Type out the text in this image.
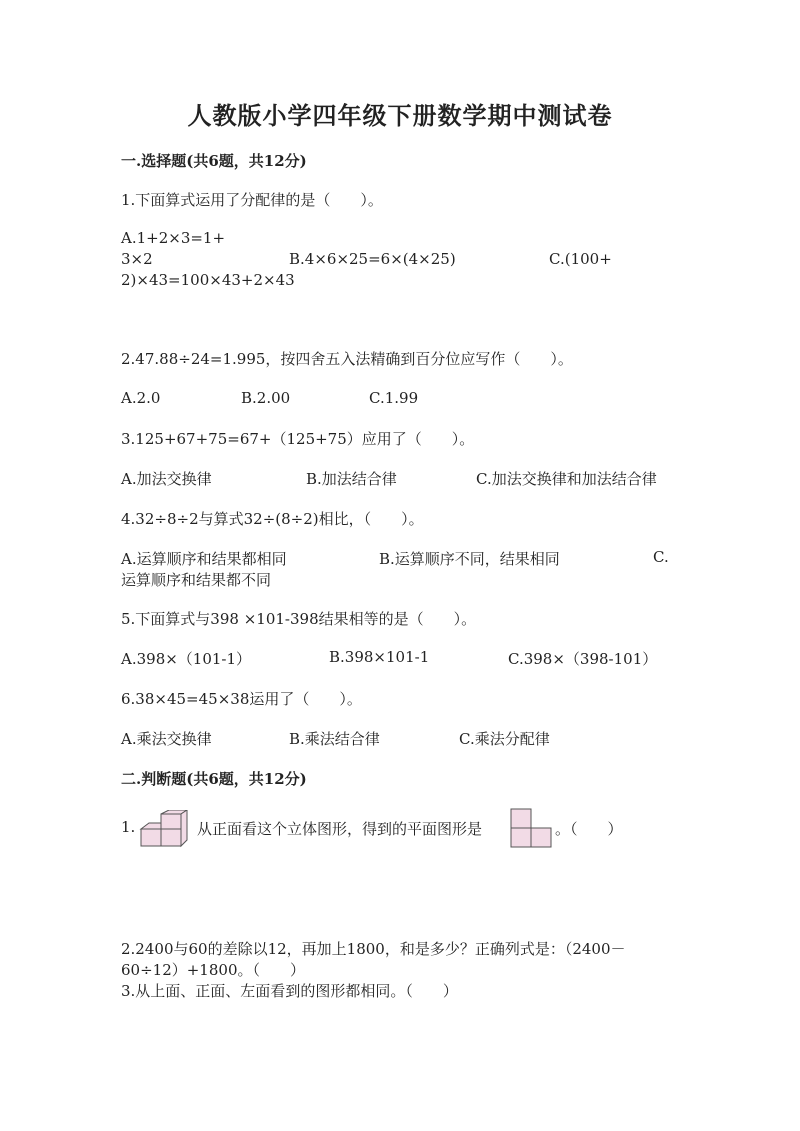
人教版小学四年级下册数学期中测试卷
一.选择题(共6题，共12分)
1.下面算式运用了分配律的是（　　）。
A.1+2×3=1+
3×2	B.4×6×25=6×(4×25)	C.(100+
2)×43=100×43+2×43
2.47.88÷24=1.995，按四舍五入法精确到百分位应写作（　　）。
A.2.0	B.2.00	C.1.99
3.125+67+75=67+（125+75）应用了（　　）。
A.加法交换律	B.加法结合律	C.加法交换律和加法结合律
4.32÷8÷2与算式32÷(8÷2)相比，（　　）。
A.运算顺序和结果都相同	B.运算顺序不同，结果相同	C.
运算顺序和结果都不同
5.下面算式与398 ×101-398结果相等的是（　　）。
A.398×（101-1）	B.398×101-1	C.398×（398-101）
6.38×45=45×38运用了（　　）。
A.乘法交换律	B.乘法结合律	C.乘法分配律
二.判断题(共6题，共12分)
1.	从正面看这个立体图形，得到的平面图形是	。（　　）
2.2400与60的差除以12，再加上1800，和是多少？正确列式是：（2400－
60÷12）+1800。（　　）
3.从上面、正面、左面看到的图形都相同。（　　）
